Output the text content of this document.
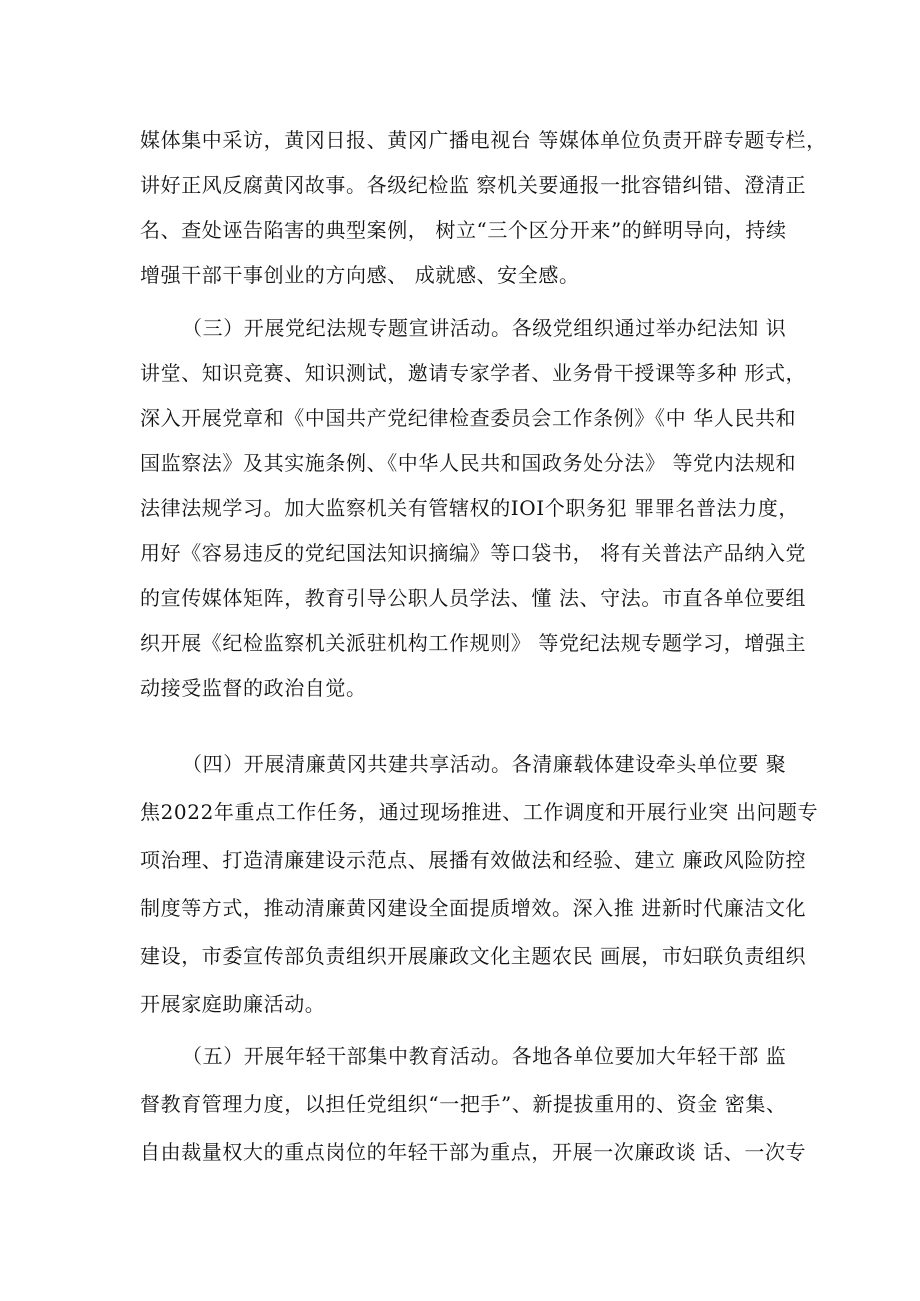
媒体集中采访，黄冈日报、黄冈广播电视台 等媒体单位负责开辟专题专栏，
讲好正风反腐黄冈故事。各级纪检监 察机关要通报一批容错纠错、澄清正
名、查处诬告陷害的典型案例， 树立“三个区分开来”的鲜明导向，持续
增强干部干事创业的方向感、 成就感、安全感。
（三）开展党纪法规专题宣讲活动。各级党组织通过举办纪法知 识
讲堂、知识竞赛、知识测试，邀请专家学者、业务骨干授课等多种 形式，
深入开展党章和《中国共产党纪律检查委员会工作条例》《中 华人民共和
国监察法》及其实施条例、《中华人民共和国政务处分法》 等党内法规和
法律法规学习。加大监察机关有管辖权的IOI个职务犯 罪罪名普法力度，
用好《容易违反的党纪国法知识摘编》等口袋书， 将有关普法产品纳入党
的宣传媒体矩阵，教育引导公职人员学法、懂 法、守法。市直各单位要组
织开展《纪检监察机关派驻机构工作规则》 等党纪法规专题学习，增强主
动接受监督的政治自觉。
（四）开展清廉黄冈共建共享活动。各清廉载体建设牵头单位要 聚
焦2022年重点工作任务，通过现场推进、工作调度和开展行业突 出问题专
项治理、打造清廉建设示范点、展播有效做法和经验、建立 廉政风险防控
制度等方式，推动清廉黄冈建设全面提质增效。深入推 进新时代廉洁文化
建设，市委宣传部负责组织开展廉政文化主题农民 画展，市妇联负责组织
开展家庭助廉活动。
（五）开展年轻干部集中教育活动。各地各单位要加大年轻干部 监
督教育管理力度，以担任党组织“一把手”、新提拔重用的、资金 密集、
自由裁量权大的重点岗位的年轻干部为重点，开展一次廉政谈 话、一次专
